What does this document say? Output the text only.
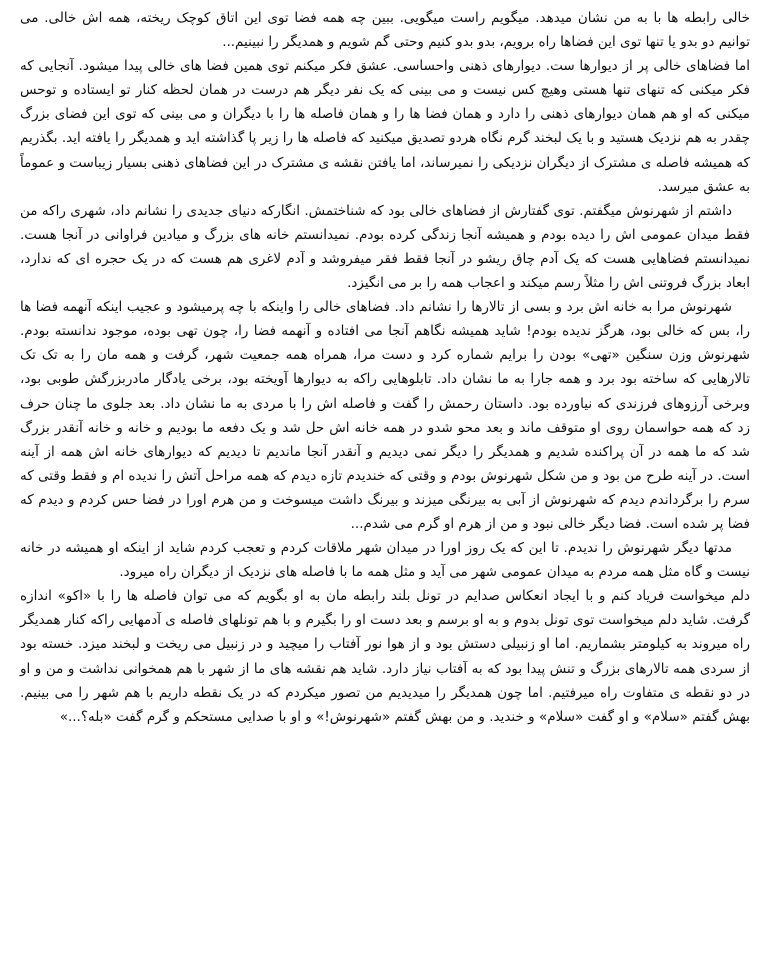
خالی رابطه ها با به من نشان میدهد. میگویم راست میگویی. ببین چه همه فضا توی این اتاق کوچک ریخته، همه اش خالی. می توانیم دو بدو یا تنها توی این فضاها راه برویم، بدو بدو کنیم وحتی گم شویم و همدیگر را نبینیم...

اما فضاهای خالی پر از دیوارها ست. دیوارهای ذهنی واحساسی. عشق فکر میکنم توی همین فضا های خالی پیدا میشود. آنجایی که فکر میکنی که تنهای تنها هستی وهیچ کس نیست و می بینی که یک نفر دیگر هم درست در همان لحظه کنار تو ایستاده و توحس میکنی که او هم همان دیوارهای ذهنی را دارد و همان فضا ها را و همان فاصله ها را با دیگران و می بینی که توی این فضای بزرگ چقدر به هم نزدیک هستید و با یک لبخند گرم نگاه هردو تصدیق میکنید که فاصله ها را زیر پا گذاشته اید و همدیگر را یافته اید. بگذریم که همیشه فاصله ی مشترک از دیگران نزدیکی را نمیرساند، اما یافتن نقشه ی مشترک در این فضاهای ذهنی بسیار زیباست و عموماً به عشق میرسد.

داشتم از شهرنوش میگفتم. توی گفتارش از فضاهای خالی بود که شناختمش. انگارکه دنیای جدیدی را نشانم داد، شهری راکه من فقط میدان عمومی اش را دیده بودم و همیشه آنجا زندگی کرده بودم. نمیدانستم خانه های بزرگ و میادین فراوانی در آنجا هست. نمیدانستم فضاهایی هست که یک آدم چاق ریشو در آنجا فقط فقر میفروشد و آدم لاغری هم هست که در یک حجره ای که ندارد، ابعاد بزرگ فروتنی اش را مثلاً رسم میکند و اعجاب همه را بر می انگیزد.

شهرنوش مرا به خانه اش برد و بسی از تالارها را نشانم داد. فضاهای خالی را واینکه با چه پرمیشود و عجیب اینکه آنهمه فضا ها را، بس که خالی بود، هرگز ندیده بودم! شاید همیشه نگاهم آنجا می افتاده و آنهمه فضا را، چون تهی بوده، موجود ندانسته بودم. شهرنوش وزن سنگین «تهی» بودن را برایم شماره کرد و دست مرا، همراه همه جمعیت شهر، گرفت و همه مان را به تک تک تالارهایی که ساخته بود برد و همه جارا به ما نشان داد. تابلوهایی راکه به دیوارها آویخته بود، برخی یادگار مادربزرگش طوبی بود، وبرخی آرزوهای فرزندی که نیاورده بود. داستان رحمش را گفت و فاصله اش را با مردی به ما نشان داد. بعد جلوی ما چنان حرف زد که همه حواسمان روی او متوقف ماند و بعد محو شدو در همه خانه اش حل شد و یک دفعه ما بودیم و خانه و خانه آنقدر بزرگ شد که ما همه در آن پراکنده شدیم و همدیگر را دیگر نمی دیدیم و آنقدر آنجا ماندیم تا دیدیم که دیوارهای خانه اش همه از آینه است. در آینه طرح من بود و من شکل شهرنوش بودم و وقتی که خندیدم تازه دیدم که همه مراحل آتش را ندیده ام و فقط وقتی که سرم را برگرداندم دیدم که شهرنوش از آبی به بیرنگی میزند و بیرنگ داشت میسوخت و من هرم اورا در فضا حس کردم و دیدم که فضا پر شده است. فضا دیگر خالی نبود و من از هرم او گرم می شدم...

مدتها دیگر شهرنوش را ندیدم. تا این که یک روز اورا در میدان شهر ملاقات کردم و تعجب کردم شاید از اینکه او همیشه در خانه نیست و گاه مثل همه مردم به میدان عمومی شهر می آید و مثل همه ما با فاصله های نزدیک از دیگران راه میرود.

دلم میخواست فریاد کنم و با ایجاد انعکاس صدایم در تونل بلند رابطه مان به او بگویم که می توان فاصله ها را با «اکو» اندازه گرفت. شاید دلم میخواست توی تونل بدوم و به او برسم و بعد دست او را بگیرم و با هم تونلهای فاصله ی آدمهایی راکه کنار همدیگر راه میروند به کیلومتر بشماریم. اما او زنبیلی دستش بود و از هوا نور آفتاب را میچید و در زنبیل می ریخت و لبخند میزد. خسته بود از سردی همه تالارهای بزرگ و تنش پیدا بود که به آفتاب نیاز دارد. شاید هم نقشه های ما از شهر با هم همخوانی نداشت و من و او در دو نقطه ی متفاوت راه میرفتیم. اما چون همدیگر را میدیدیم من تصور میکردم که در یک نقطه داریم با هم شهر را می بینیم. بهش گفتم «سلام» و او گفت «سلام» و خندید. و من بهش گفتم «شهرنوش!» و او با صدایی مستحکم و گرم گفت «بله؟...»
